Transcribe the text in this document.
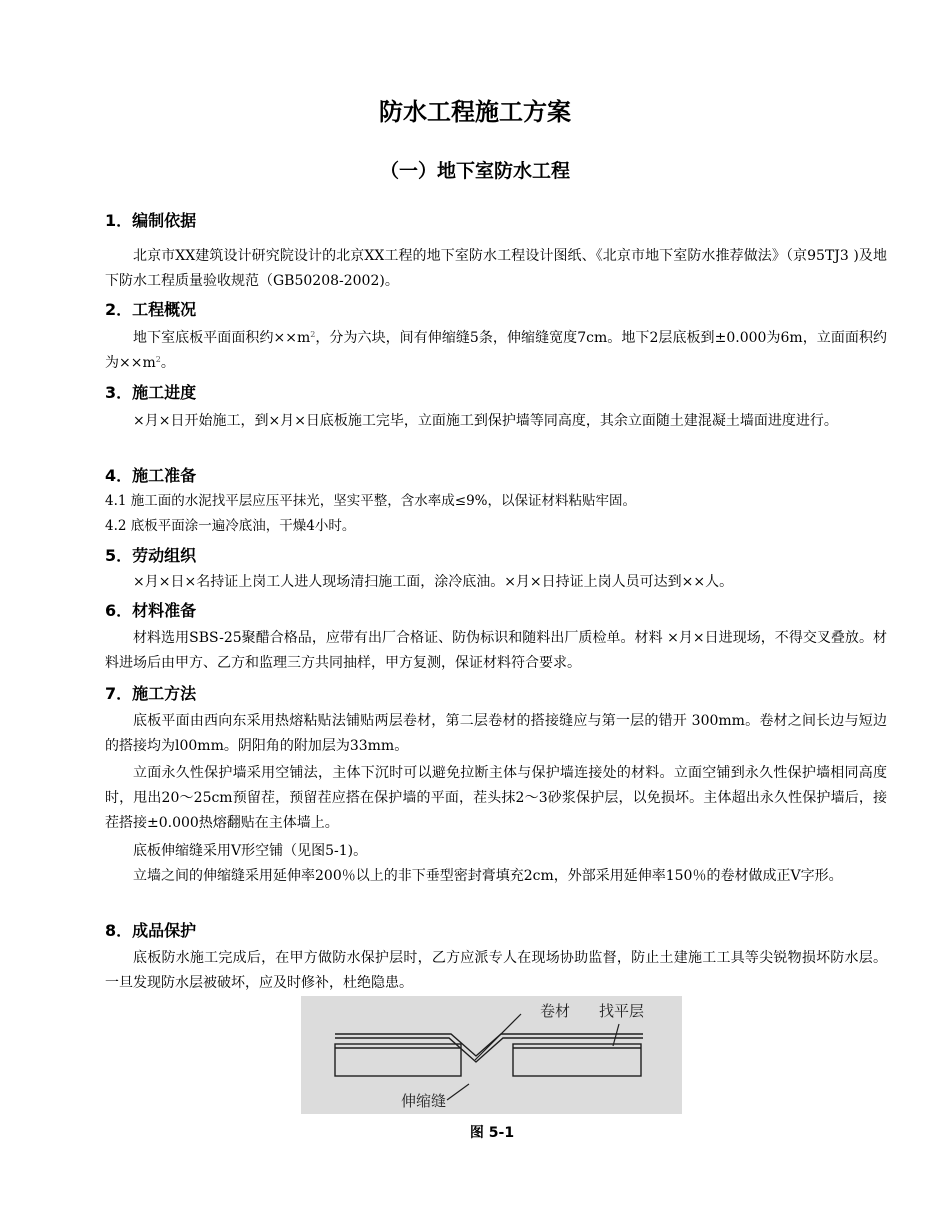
防水工程施工方案
（一）地下室防水工程
1．编制依据

北京市XX建筑设计研究院设计的北京XX工程的地下室防水工程设计图纸、《北京市地下室防水推荐做法》（京95TJ3 )及地下防水工程质量验收规范（GB50208-2002)。

2．工程概况

地下室底板平面面积约$\times\times m^2$，分为六块，间有伸缩缝5条，伸缩缝宽度7cm。地下2层底板到±0.000为6m，立面面积约为$\times\times m^2$。

3．施工进度

×月×日开始施工，到×月×日底板施工完毕，立面施工到保护墙等同高度，其余立面随土建混凝土墙面进度进行。

4．施工准备

4.1 施工面的水泥找平层应压平抹光，坚实平整，含水率成≤9%，以保证材料粘贴牢固。

4.2 底板平面涂一遍冷底油，干燥4小时。

5．劳动组织

×月×日×名持证上岗工人进人现场清扫施工面，涂冷底油。×月×日持证上岗人员可达到××人。

6．材料准备

材料选用SBS-25聚醋合格品，应带有出厂合格证、防伪标识和随料出厂质检单。材料 ×月×日进现场，不得交叉叠放。材料进场后由甲方、乙方和监理三方共同抽样，甲方复测，保证材料符合要求。

7．施工方法

底板平面由西向东采用热熔粘贴法铺贴两层卷材，第二层卷材的搭接缝应与第一层的错开 300mm。卷材之间长边与短边的搭接均为l00mm。阴阳角的附加层为33mm。

立面永久性保护墙采用空铺法，主体下沉时可以避免拉断主体与保护墙连接处的材料。立面空铺到永久性保护墙相同高度时，甩出20～25cm预留茬，预留茬应搭在保护墙的平面，茬头抹2～3砂浆保护层，以免损坏。主体超出永久性保护墙后，接茬搭接±0.000热熔翻贴在主体墙上。

底板伸缩缝采用V形空铺（见图5-1)。

立墙之间的伸缩缝采用延伸率200％以上的非下垂型密封膏填充2cm，外部采用延伸率150％的卷材做成正V字形。

8．成品保护

底板防水施工完成后，在甲方做防水保护层时，乙方应派专人在现场协助监督，防止土建施工工具等尖锐物损坏防水层。一旦发现防水层被破坏，应及时修补，杜绝隐患。

卷材 找平层
伸缩缝

图 5-1
